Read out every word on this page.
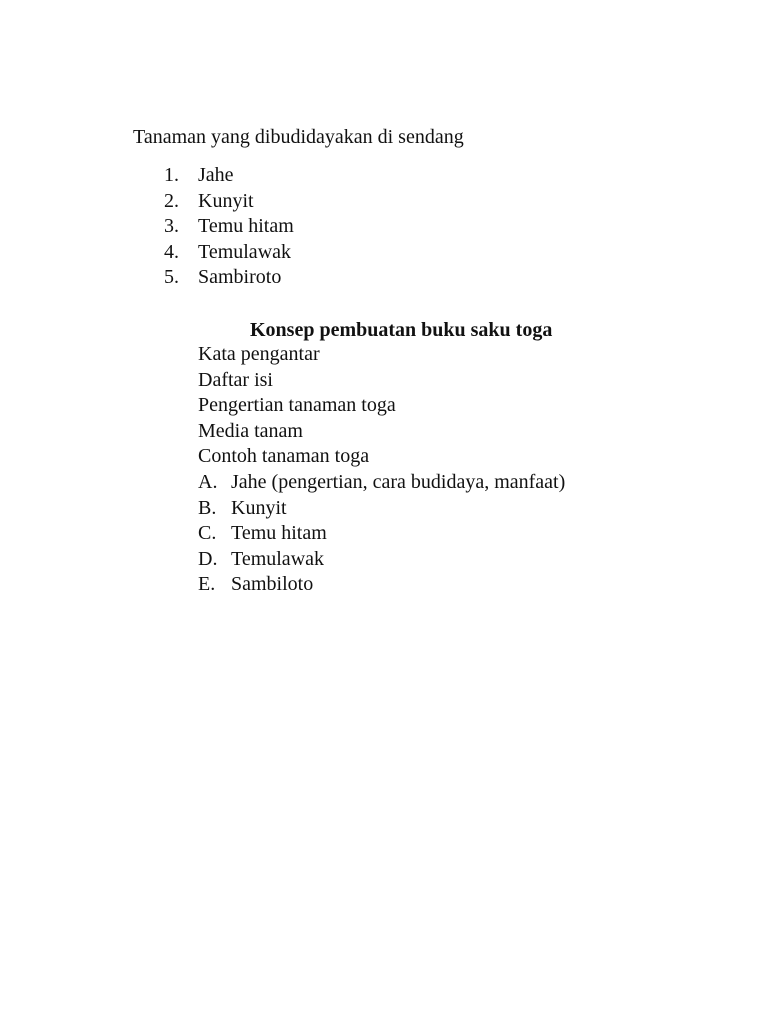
Tanaman yang dibudidayakan di sendang
1. Jahe
2. Kunyit
3. Temu hitam
4. Temulawak
5. Sambiroto
Konsep pembuatan buku saku toga
Kata pengantar
Daftar isi
Pengertian tanaman toga
Media tanam
Contoh tanaman toga
A. Jahe (pengertian, cara budidaya, manfaat)
B. Kunyit
C. Temu hitam
D. Temulawak
E. Sambiloto
